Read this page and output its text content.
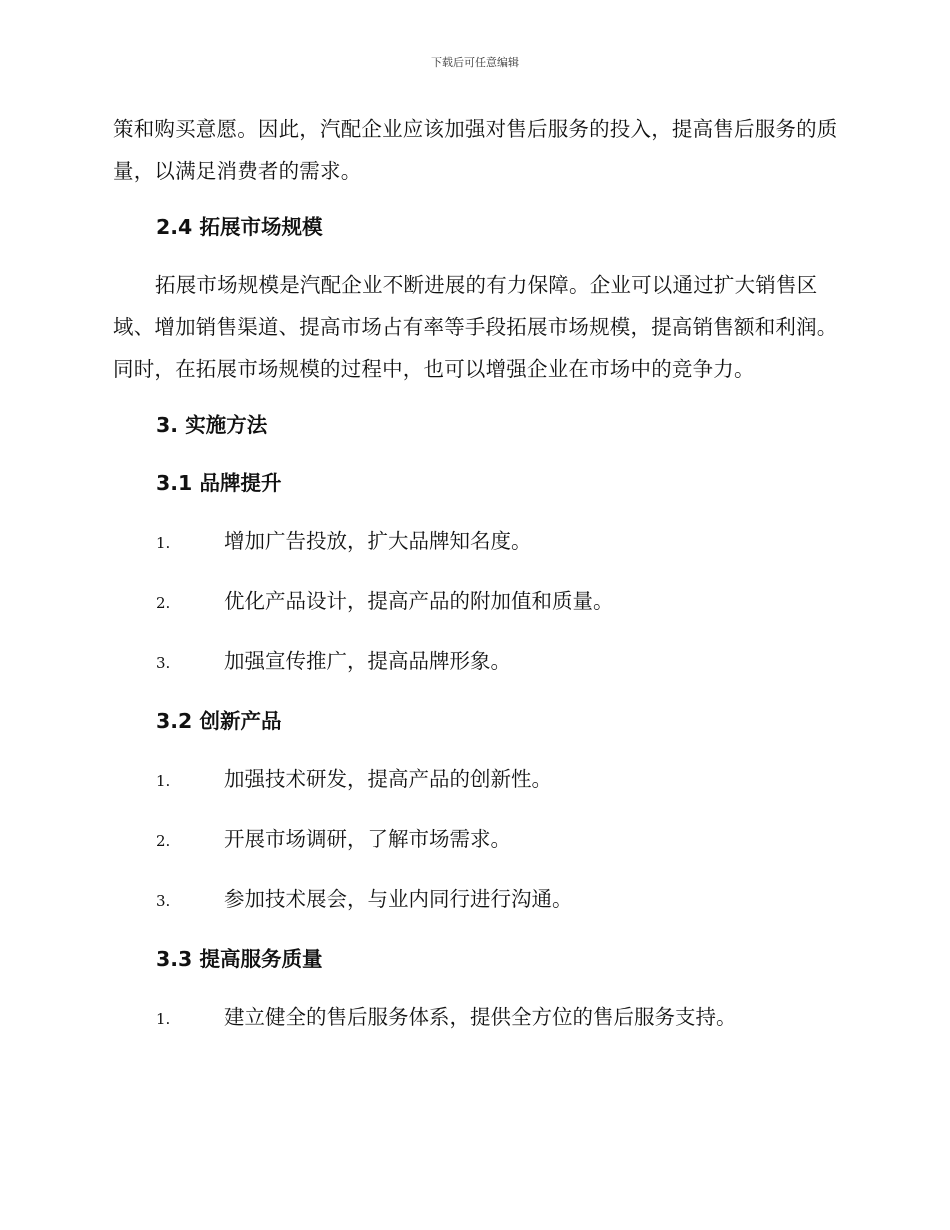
下载后可任意编辑

策和购买意愿。因此，汽配企业应该加强对售后服务的投入，提高售后服务的质量，以满足消费者的需求。

2.4 拓展市场规模

拓展市场规模是汽配企业不断进展的有力保障。企业可以通过扩大销售区域、增加销售渠道、提高市场占有率等手段拓展市场规模，提高销售额和利润。同时，在拓展市场规模的过程中，也可以增强企业在市场中的竞争力。

3. 实施方法
3.1 品牌提升
1.	增加广告投放，扩大品牌知名度。
2.	优化产品设计，提高产品的附加值和质量。
3.	加强宣传推广，提高品牌形象。
3.2 创新产品
1.	加强技术研发，提高产品的创新性。
2.	开展市场调研，了解市场需求。
3.	参加技术展会，与业内同行进行沟通。
3.3 提高服务质量
1.	建立健全的售后服务体系，提供全方位的售后服务支持。
